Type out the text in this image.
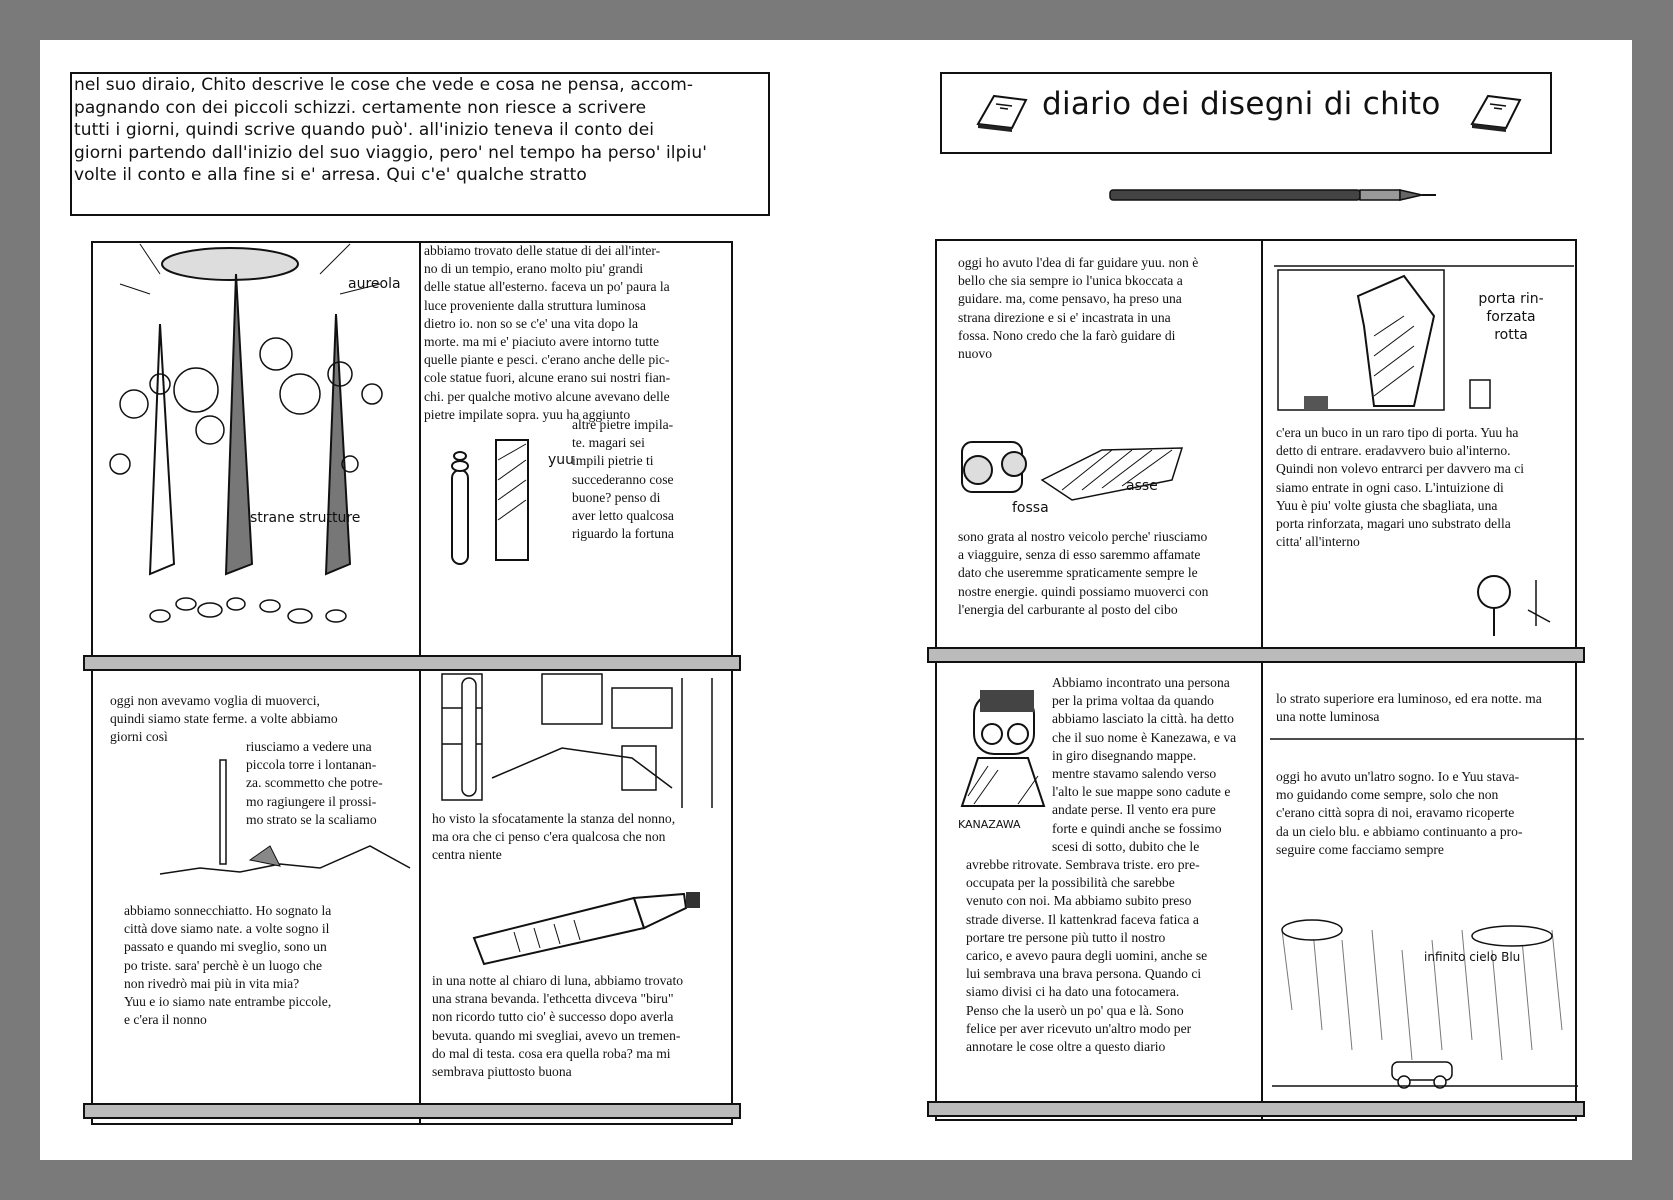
nel suo diraio, Chito descrive le cose che vede e cosa ne pensa, accom-
pagnando con dei piccoli schizzi. certamente non riesce a scrivere
tutti i giorni, quindi scrive quando può'. all'inizio teneva il conto dei
giorni partendo dall'inizio del suo viaggio, pero' nel tempo ha perso' ilpiu'
volte il conto e alla fine si e' arresa. Qui c'e' qualche stratto
diario dei disegni di chito
aureola
strane strutture
abbiamo trovato delle statue di dei all'inter-
no di un tempio, erano molto piu' grandi
delle statue all'esterno. faceva un po' paura la
luce proveniente dalla struttura luminosa
dietro io. non so se c'e' una vita dopo la
morte. ma mi e' piaciuto avere intorno tutte
quelle piante e pesci. c'erano anche delle pic-
cole statue fuori, alcune erano sui nostri fian-
chi. per qualche motivo alcune avevano delle
pietre impilate sopra. yuu ha aggiunto
altre pietre impila-
te. magari sei
impili pietrie ti
succederanno cose
buone? penso di
aver letto qualcosa
riguardo la fortuna
yuu
oggi non avevamo voglia di muoverci,
quindi siamo state ferme. a volte abbiamo
giorni così
riusciamo a vedere una
piccola torre i lontanan-
za. scommetto che potre-
mo ragiungere il prossi-
mo strato se la scaliamo
abbiamo sonnecchiatto. Ho sognato la
città dove siamo nate. a volte sogno il
passato e quando mi sveglio, sono un
po triste. sara' perchè è un luogo che
non rivedrò mai più in vita mia?
Yuu e io siamo nate entrambe piccole,
e c'era il nonno
ho visto la sfocatamente la stanza del nonno,
ma ora che ci penso c'era qualcosa che non
centra niente
in una notte al chiaro di luna, abbiamo trovato
una strana bevanda. l'ethcetta divceva "biru"
non ricordo tutto cio' è successo dopo averla
bevuta. quando mi svegliai, avevo un tremen-
do mal di testa. cosa era quella roba? ma mi
sembrava piuttosto buona
oggi ho avuto l'dea di far guidare yuu. non è
bello che sia sempre io l'unica bkoccata a
guidare. ma, come pensavo, ha preso una
strana direzione e si e' incastrata in una
fossa. Nono credo che la farò guidare di
nuovo
fossa
asse
sono grata al nostro veicolo perche' riusciamo
a viagguire, senza di esso saremmo affamate
dato che useremme spraticamente sempre le
nostre energie. quindi possiamo muoverci con
l'energia del carburante al posto del cibo
porta rin-
forzata
rotta
c'era un buco in un raro tipo di porta. Yuu ha
detto di entrare. eradavvero buio al'interno.
Quindi non volevo entrarci per davvero ma ci
siamo entrate in ogni caso. L'intuizione di
Yuu è piu' volte giusta che sbagliata, una
porta rinforzata, magari uno substrato della
citta' all'interno
KANAZAWA
Abbiamo incontrato una persona
per la prima voltaa da quando
abbiamo lasciato la città. ha detto
che il suo nome è Kanezawa, e va
in giro disegnando mappe.
mentre stavamo salendo verso
l'alto le sue mappe sono cadute e
andate perse. Il vento era pure
forte e quindi anche se fossimo
scesi di sotto, dubito che le
avrebbe ritrovate. Sembrava triste. ero pre-
occupata per la possibilità che sarebbe
venuto con noi. Ma abbiamo subito preso
strade diverse. Il kattenkrad faceva fatica a
portare tre persone più tutto il nostro
carico, e avevo paura degli uomini, anche se
lui sembrava una brava persona. Quando ci
siamo divisi ci ha dato una fotocamera.
Penso che la userò un po' qua e là. Sono
felice per aver ricevuto un'altro modo per
annotare le cose oltre a questo diario
lo strato superiore era luminoso, ed era notte. ma
una notte luminosa
oggi ho avuto un'latro sogno. Io e Yuu stava-
mo guidando come sempre, solo che non
c'erano città sopra di noi, eravamo ricoperte
da un cielo blu. e abbiamo continuanto a pro-
seguire come facciamo sempre
infinito cielo Blu
